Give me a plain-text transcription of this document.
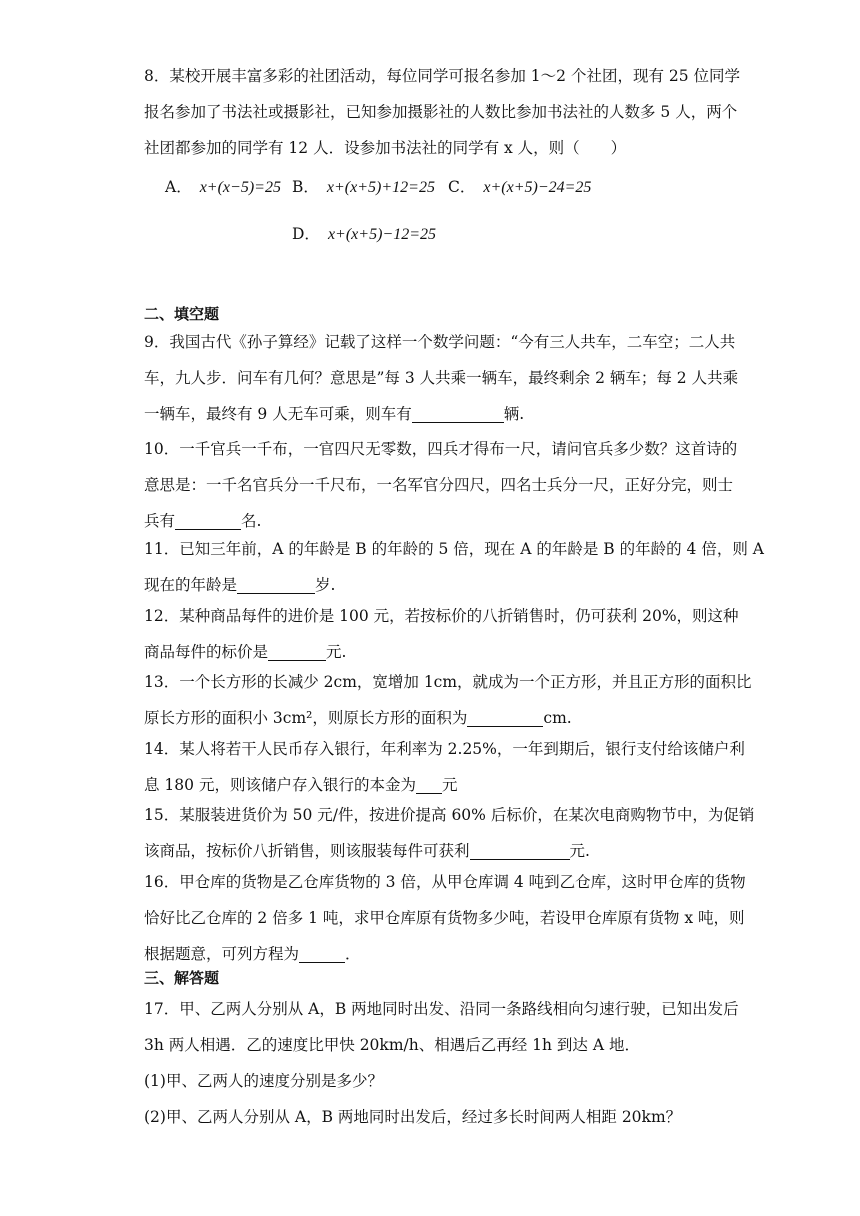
8．某校开展丰富多彩的社团活动，每位同学可报名参加 1～2 个社团，现有 25 位同学
报名参加了书法社或摄影社，已知参加摄影社的人数比参加书法社的人数多 5 人，两个
社团都参加的同学有 12 人．设参加书法社的同学有 x 人，则（　　）
A． x+(x−5)=25 B． x+(x+5)+12=25 C． x+(x+5)−24=25
D． x+(x+5)−12=25
二、填空题
9．我国古代《孙子算经》记载了这样一个数学问题：“今有三人共车，二车空；二人共
车，九人步．问车有几何？意思是”每 3 人共乘一辆车，最终剩余 2 辆车；每 2 人共乘
一辆车，最终有 9 人无车可乘，则车有	辆.
10．一千官兵一千布，一官四尺无零数，四兵才得布一尺，请问官兵多少数？这首诗的
意思是：一千名官兵分一千尺布，一名军官分四尺，四名士兵分一尺，正好分完，则士
兵有	名.
11．已知三年前，A 的年龄是 B 的年龄的 5 倍，现在 A 的年龄是 B 的年龄的 4 倍，则 A
现在的年龄是	岁.
12．某种商品每件的进价是 100 元，若按标价的八折销售时，仍可获利 20%，则这种
商品每件的标价是	元.
13．一个长方形的长减少 2cm，宽增加 1cm，就成为一个正方形，并且正方形的面积比
原长方形的面积小 3cm²，则原长方形的面积为	cm.
14．某人将若干人民币存入银行，年利率为 2.25%，一年到期后，银行支付给该储户利
息 180 元，则该储户存入银行的本金为 元
15．某服装进货价为 50 元/件，按进价提高 60% 后标价，在某次电商购物节中，为促销
该商品，按标价八折销售，则该服装每件可获利	元.
16．甲仓库的货物是乙仓库货物的 3 倍，从甲仓库调 4 吨到乙仓库，这时甲仓库的货物
恰好比乙仓库的 2 倍多 1 吨，求甲仓库原有货物多少吨，若设甲仓库原有货物 x 吨，则
根据题意，可列方程为	．
三、解答题
17．甲、乙两人分别从 A，B 两地同时出发、沿同一条路线相向匀速行驶，已知出发后
3h 两人相遇．乙的速度比甲快 20km/h、相遇后乙再经 1h 到达 A 地．
(1)甲、乙两人的速度分别是多少？
(2)甲、乙两人分别从 A，B 两地同时出发后，经过多长时间两人相距 20km？
